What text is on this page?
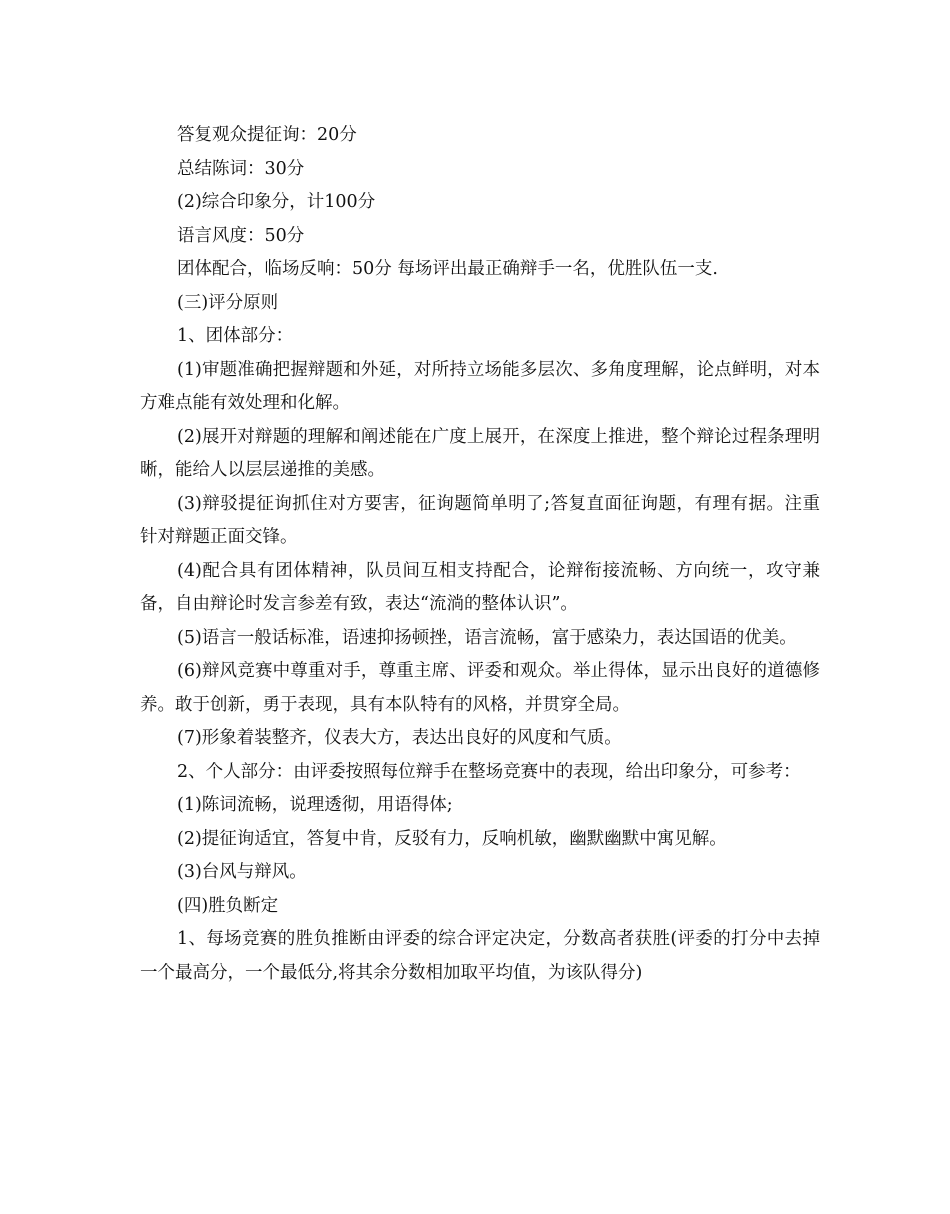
答复观众提征询：20分

总结陈词：30分

(2)综合印象分，计100分

语言风度：50分

团体配合，临场反响：50分 每场评出最正确辩手一名，优胜队伍一支.

(三)评分原则

1、团体部分：

(1)审题准确把握辩题和外延，对所持立场能多层次、多角度理解，论点鲜明，对本方难点能有效处理和化解。

(2)展开对辩题的理解和阐述能在广度上展开，在深度上推进，整个辩论过程条理明晰，能给人以层层递推的美感。

(3)辩驳提征询抓住对方要害，征询题简单明了;答复直面征询题，有理有据。注重针对辩题正面交锋。

(4)配合具有团体精神，队员间互相支持配合，论辩衔接流畅、方向统一，攻守兼备，自由辩论时发言参差有致，表达“流淌的整体认识”。

(5)语言一般话标准，语速抑扬顿挫，语言流畅，富于感染力，表达国语的优美。

(6)辩风竞赛中尊重对手，尊重主席、评委和观众。举止得体，显示出良好的道德修养。敢于创新，勇于表现，具有本队特有的风格，并贯穿全局。

(7)形象着装整齐，仪表大方，表达出良好的风度和气质。

2、个人部分：由评委按照每位辩手在整场竞赛中的表现，给出印象分，可参考：

(1)陈词流畅，说理透彻，用语得体;

(2)提征询适宜，答复中肯，反驳有力，反响机敏，幽默幽默中寓见解。

(3)台风与辩风。

(四)胜负断定

1、每场竞赛的胜负推断由评委的综合评定决定，分数高者获胜(评委的打分中去掉一个最高分，一个最低分,将其余分数相加取平均值，为该队得分)
